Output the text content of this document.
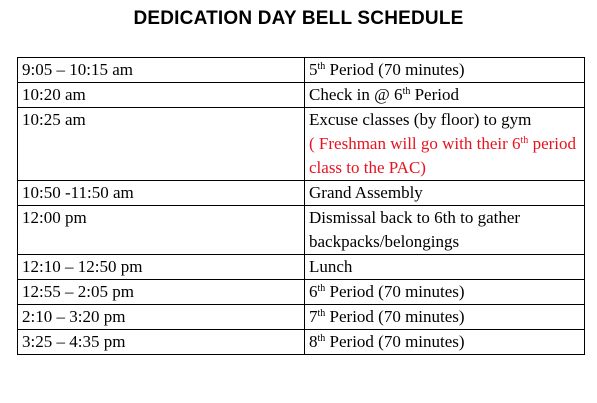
DEDICATION DAY BELL SCHEDULE
9:05 – 10:15 am	5th Period (70 minutes)
10:20 am	Check in @ 6th Period
10:25 am	Excuse classes (by floor) to gym
( Freshman will go with their 6th period class to the PAC)

10:50 -11:50 am	Grand Assembly
12:00 pm	Dismissal back to 6th to gather backpacks/belongings
12:10 – 12:50 pm	Lunch
12:55 – 2:05 pm	6th Period (70 minutes)
2:10 – 3:20 pm	7th Period (70 minutes)
3:25 – 4:35 pm	8th Period (70 minutes)
